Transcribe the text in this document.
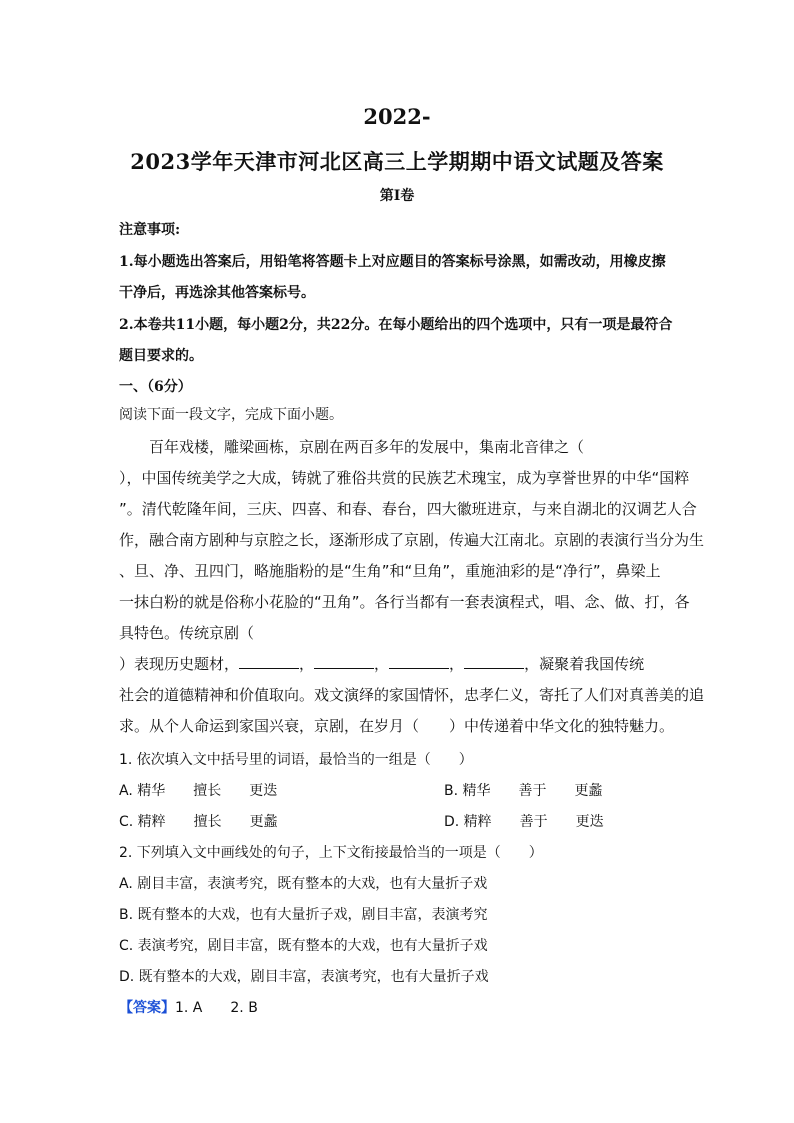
2022-
2023学年天津市河北区高三上学期期中语文试题及答案
第I卷
注意事项:
1.每小题选出答案后，用铅笔将答题卡上对应题目的答案标号涂黑，如需改动，用橡皮擦
干净后，再选涂其他答案标号。
2.本卷共11小题，每小题2分，共22分。在每小题给出的四个选项中，只有一项是最符合
题目要求的。
一、（6分）
阅读下面一段文字，完成下面小题。
百年戏楼，雕梁画栋，京剧在两百多年的发展中，集南北音律之（
），中国传统美学之大成，铸就了雅俗共赏的民族艺术瑰宝，成为享誉世界的中华“国粹
”。清代乾隆年间，三庆、四喜、和春、春台，四大徽班进京，与来自湖北的汉调艺人合
作，融合南方剧种与京腔之长，逐渐形成了京剧，传遍大江南北。京剧的表演行当分为生
、旦、净、丑四门，略施脂粉的是“生角”和“旦角”，重施油彩的是“净行”，鼻梁上
一抹白粉的就是俗称小花脸的“丑角”。各行当都有一套表演程式，唱、念、做、打，各
具特色。传统京剧（
）表现历史题材，	，	，	，	，凝聚着我国传统
社会的道德精神和价值取向。戏文演绎的家国情怀，忠孝仁义，寄托了人们对真善美的追
求。从个人命运到家国兴衰，京剧，在岁月（　　）中传递着中华文化的独特魅力。
1. 依次填入文中括号里的词语，最恰当的一组是（　　）
A. 精华　　擅长　　更迭	B. 精华　　善于　　更蠡
C. 精粹　　擅长　　更蠡	D. 精粹　　善于　　更迭
2. 下列填入文中画线处的句子，上下文衔接最恰当的一项是（　　）
A. 剧目丰富，表演考究，既有整本的大戏，也有大量折子戏
B. 既有整本的大戏，也有大量折子戏，剧目丰富，表演考究
C. 表演考究，剧目丰富，既有整本的大戏，也有大量折子戏
D. 既有整本的大戏，剧目丰富，表演考究，也有大量折子戏
【答案】1. A　　2. B
